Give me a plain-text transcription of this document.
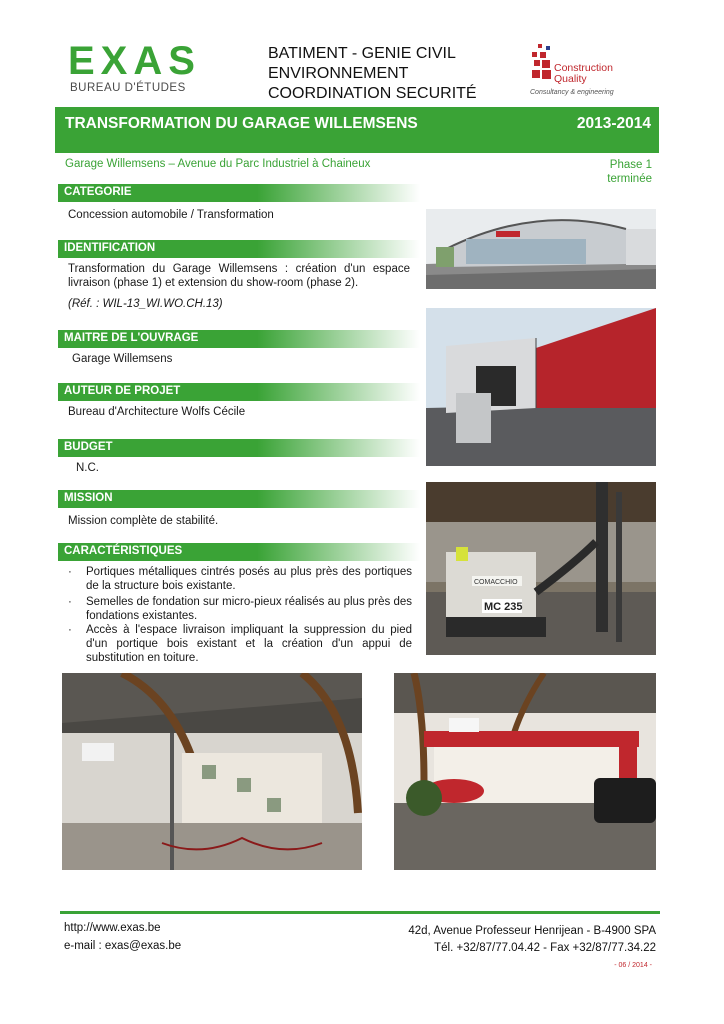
EXAS
BUREAU D'ÉTUDES
BATIMENT - GENIE CIVIL
ENVIRONNEMENT
COORDINATION SECURITÉ
Construction
Quality
Consultancy & engineering
TRANSFORMATION DU GARAGE WILLEMSENS	2013-2014
Garage Willemsens – Avenue du Parc Industriel à Chaineux	Phase 1
terminée
CATEGORIE
Concession automobile / Transformation
IDENTIFICATION
Transformation du Garage Willemsens : création d'un espace livraison (phase 1) et extension du show-room (phase 2).
(Réf. : WIL-13_WI.WO.CH.13)
MAITRE DE L'OUVRAGE
Garage Willemsens
AUTEUR DE PROJET
Bureau d'Architecture Wolfs Cécile
BUDGET
N.C.
MISSION
Mission complète de stabilité.
CARACTÉRISTIQUES
· Portiques métalliques cintrés posés au plus près des portiques de la structure bois existante.
· Semelles de fondation sur micro-pieux réalisés au plus près des fondations existantes.
· Accès à l'espace livraison impliquant la suppression du pied d'un portique bois existant et la création d'un appui de substitution en toiture.
COMACCHIO
MC 235
http://www.exas.be
e-mail : exas@exas.be
42d, Avenue Professeur Henrijean - B-4900 SPA
Tél. +32/87/77.04.42 - Fax +32/87/77.34.22
- 06 / 2014 -
